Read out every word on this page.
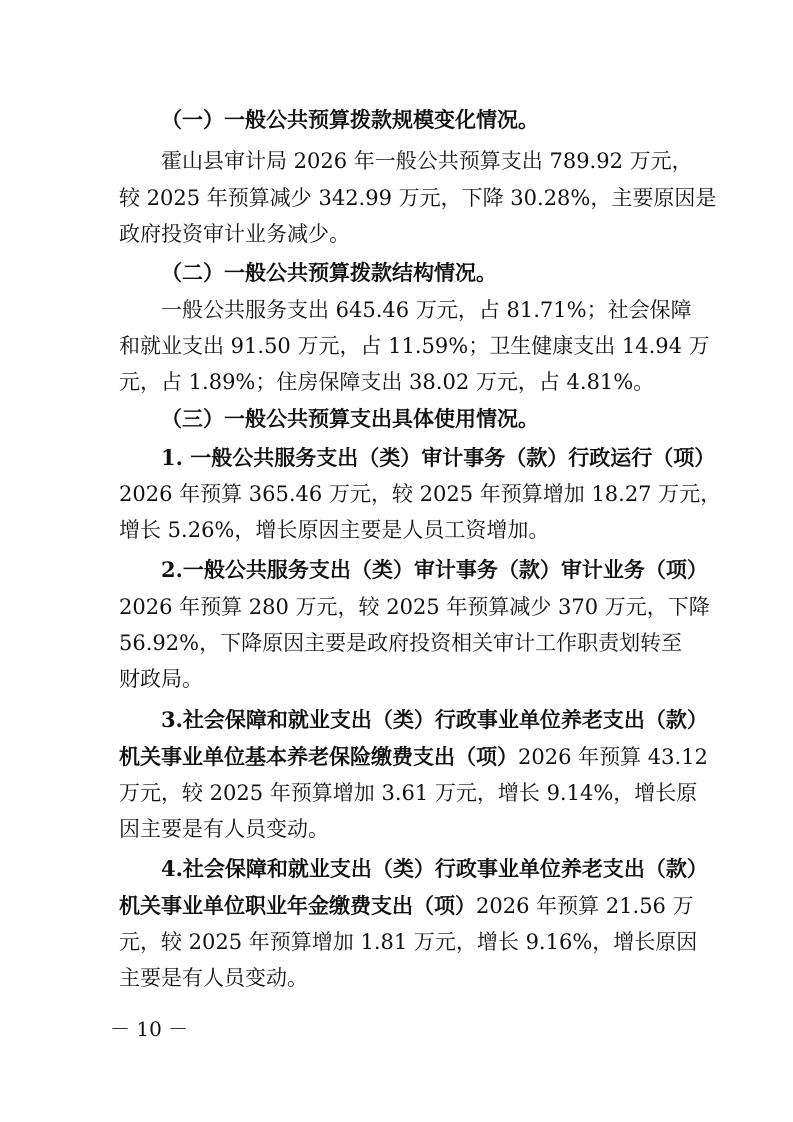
（一）一般公共预算拨款规模变化情况。
霍山县审计局 2026 年一般公共预算支出 789.92 万元，
较 2025 年预算减少 342.99 万元，下降 30.28%，主要原因是
政府投资审计业务减少。
（二）一般公共预算拨款结构情况。
一般公共服务支出 645.46 万元，占 81.71%；社会保障
和就业支出 91.50 万元，占 11.59%；卫生健康支出 14.94 万
元，占 1.89%；住房保障支出 38.02 万元，占 4.81%。
（三）一般公共预算支出具体使用情况。
1. 一般公共服务支出（类）审计事务（款）行政运行（项）
2026 年预算 365.46 万元，较 2025 年预算增加 18.27 万元，
增长 5.26%，增长原因主要是人员工资增加。
2.一般公共服务支出（类）审计事务（款）审计业务（项）
2026 年预算 280 万元，较 2025 年预算减少 370 万元，下降
56.92%，下降原因主要是政府投资相关审计工作职责划转至
财政局。
3.社会保障和就业支出（类）行政事业单位养老支出（款）
机关事业单位基本养老保险缴费支出（项） 2026 年预算 43.12
万元，较 2025 年预算增加 3.61 万元，增长 9.14%，增长原
因主要是有人员变动。
4.社会保障和就业支出（类）行政事业单位养老支出（款）
机关事业单位职业年金缴费支出（项） 2026 年预算 21.56 万
元，较 2025 年预算增加 1.81 万元，增长 9.16%，增长原因
主要是有人员变动。
－ 10 －
